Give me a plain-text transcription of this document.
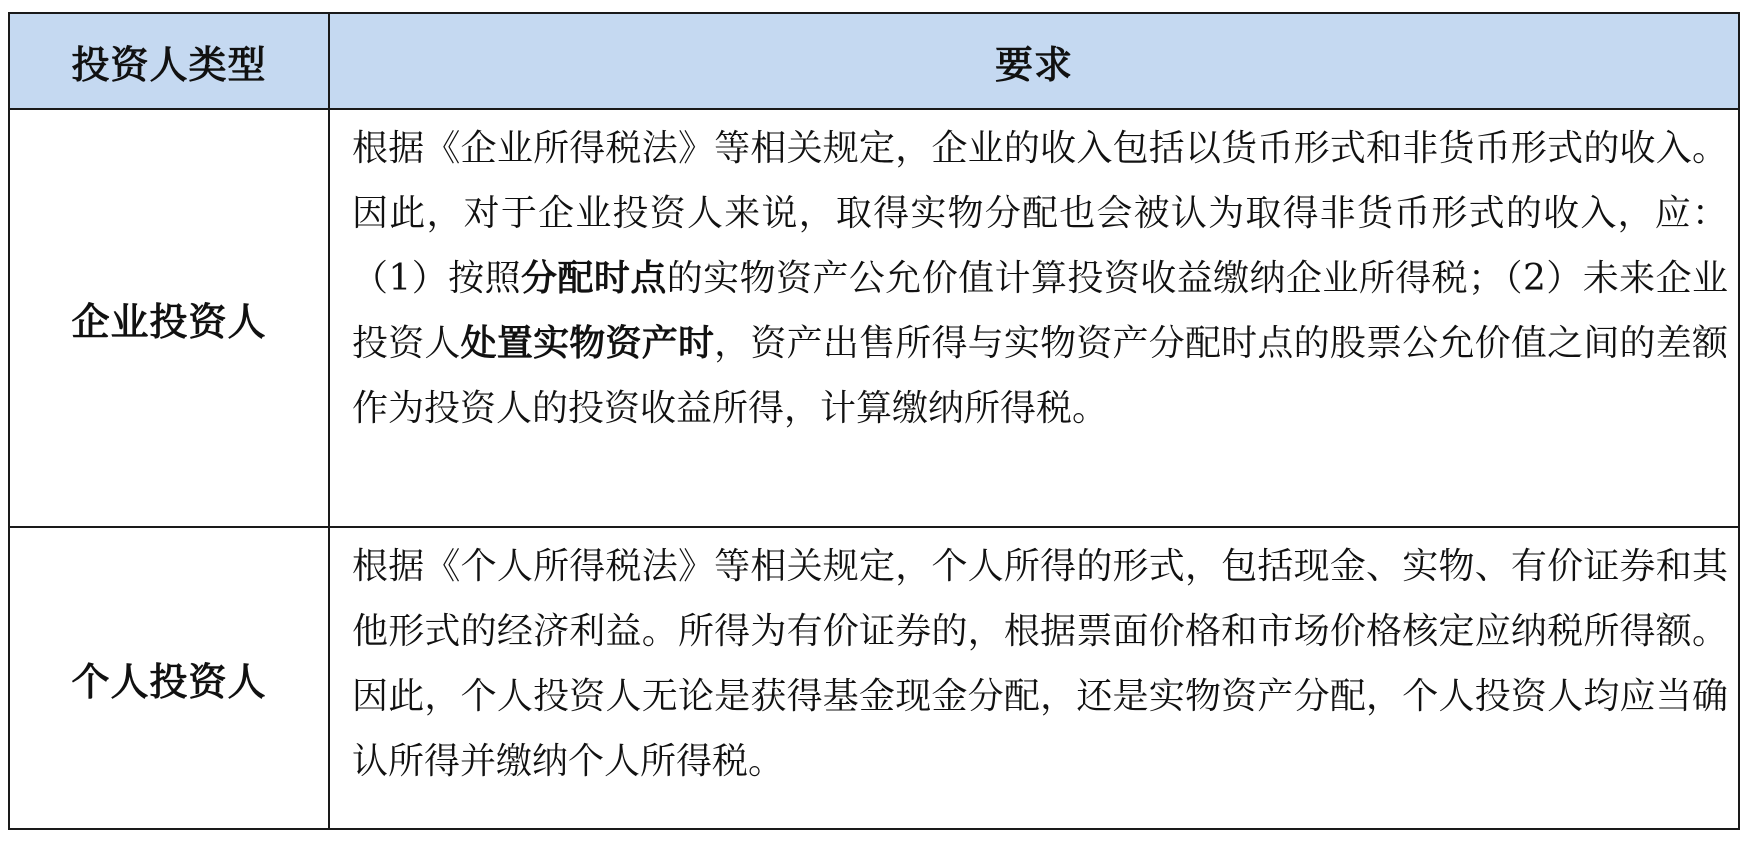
投资人类型	要求
企业投资人	根据《企业所得税法》等相关规定，企业的收入包括以货币形式和非货币形式的收入。因此，对于企业投资人来说，取得实物分配也会被认为取得非货币形式的收入，应：（1）按照分配时点的实物资产公允价值计算投资收益缴纳企业所得税；（2）未来企业投资人处置实物资产时，资产出售所得与实物资产分配时点的股票公允价值之间的差额作为投资人的投资收益所得，计算缴纳所得税。
个人投资人	根据《个人所得税法》等相关规定，个人所得的形式，包括现金、实物、有价证券和其他形式的经济利益。所得为有价证券的，根据票面价格和市场价格核定应纳税所得额。因此，个人投资人无论是获得基金现金分配，还是实物资产分配，个人投资人均应当确认所得并缴纳个人所得税。
